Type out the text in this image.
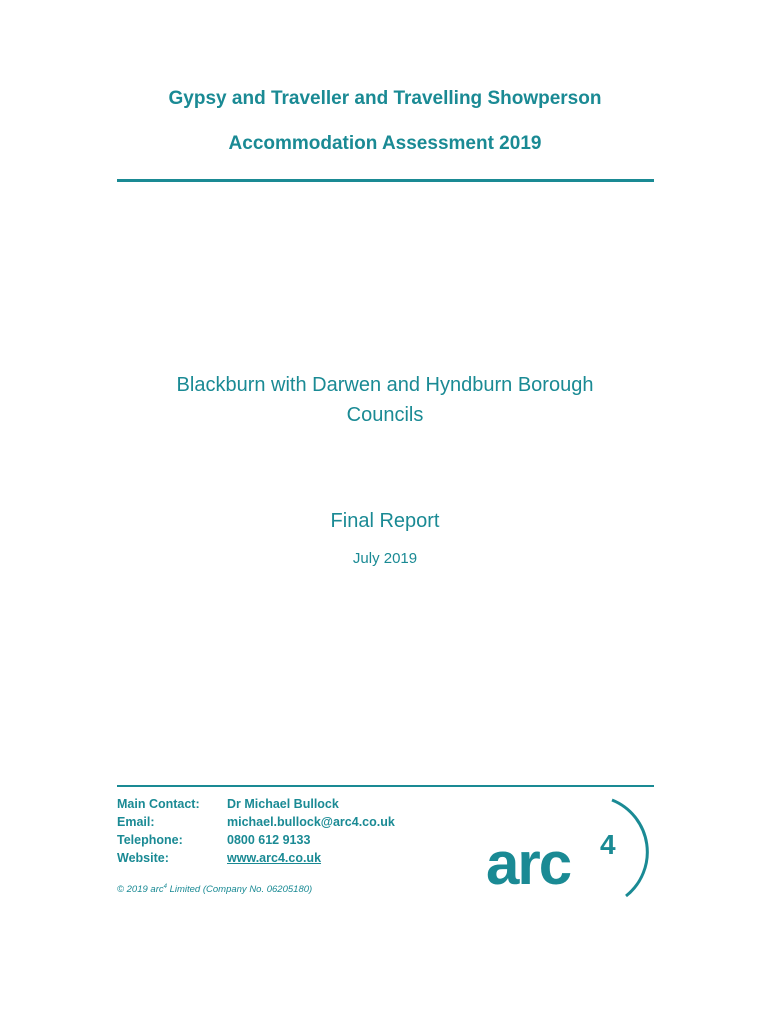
Gypsy and Traveller and Travelling Showperson
Accommodation Assessment 2019
Blackburn with Darwen and Hyndburn Borough
Councils
Final Report
July 2019
Main Contact: Dr Michael Bullock
Email:	michael.bullock@arc4.co.uk
Telephone:	0800 612 9133
Website:	www.arc4.co.uk
© 2019 arc$^4$ Limited (Company No. 06205180)	arc 4
